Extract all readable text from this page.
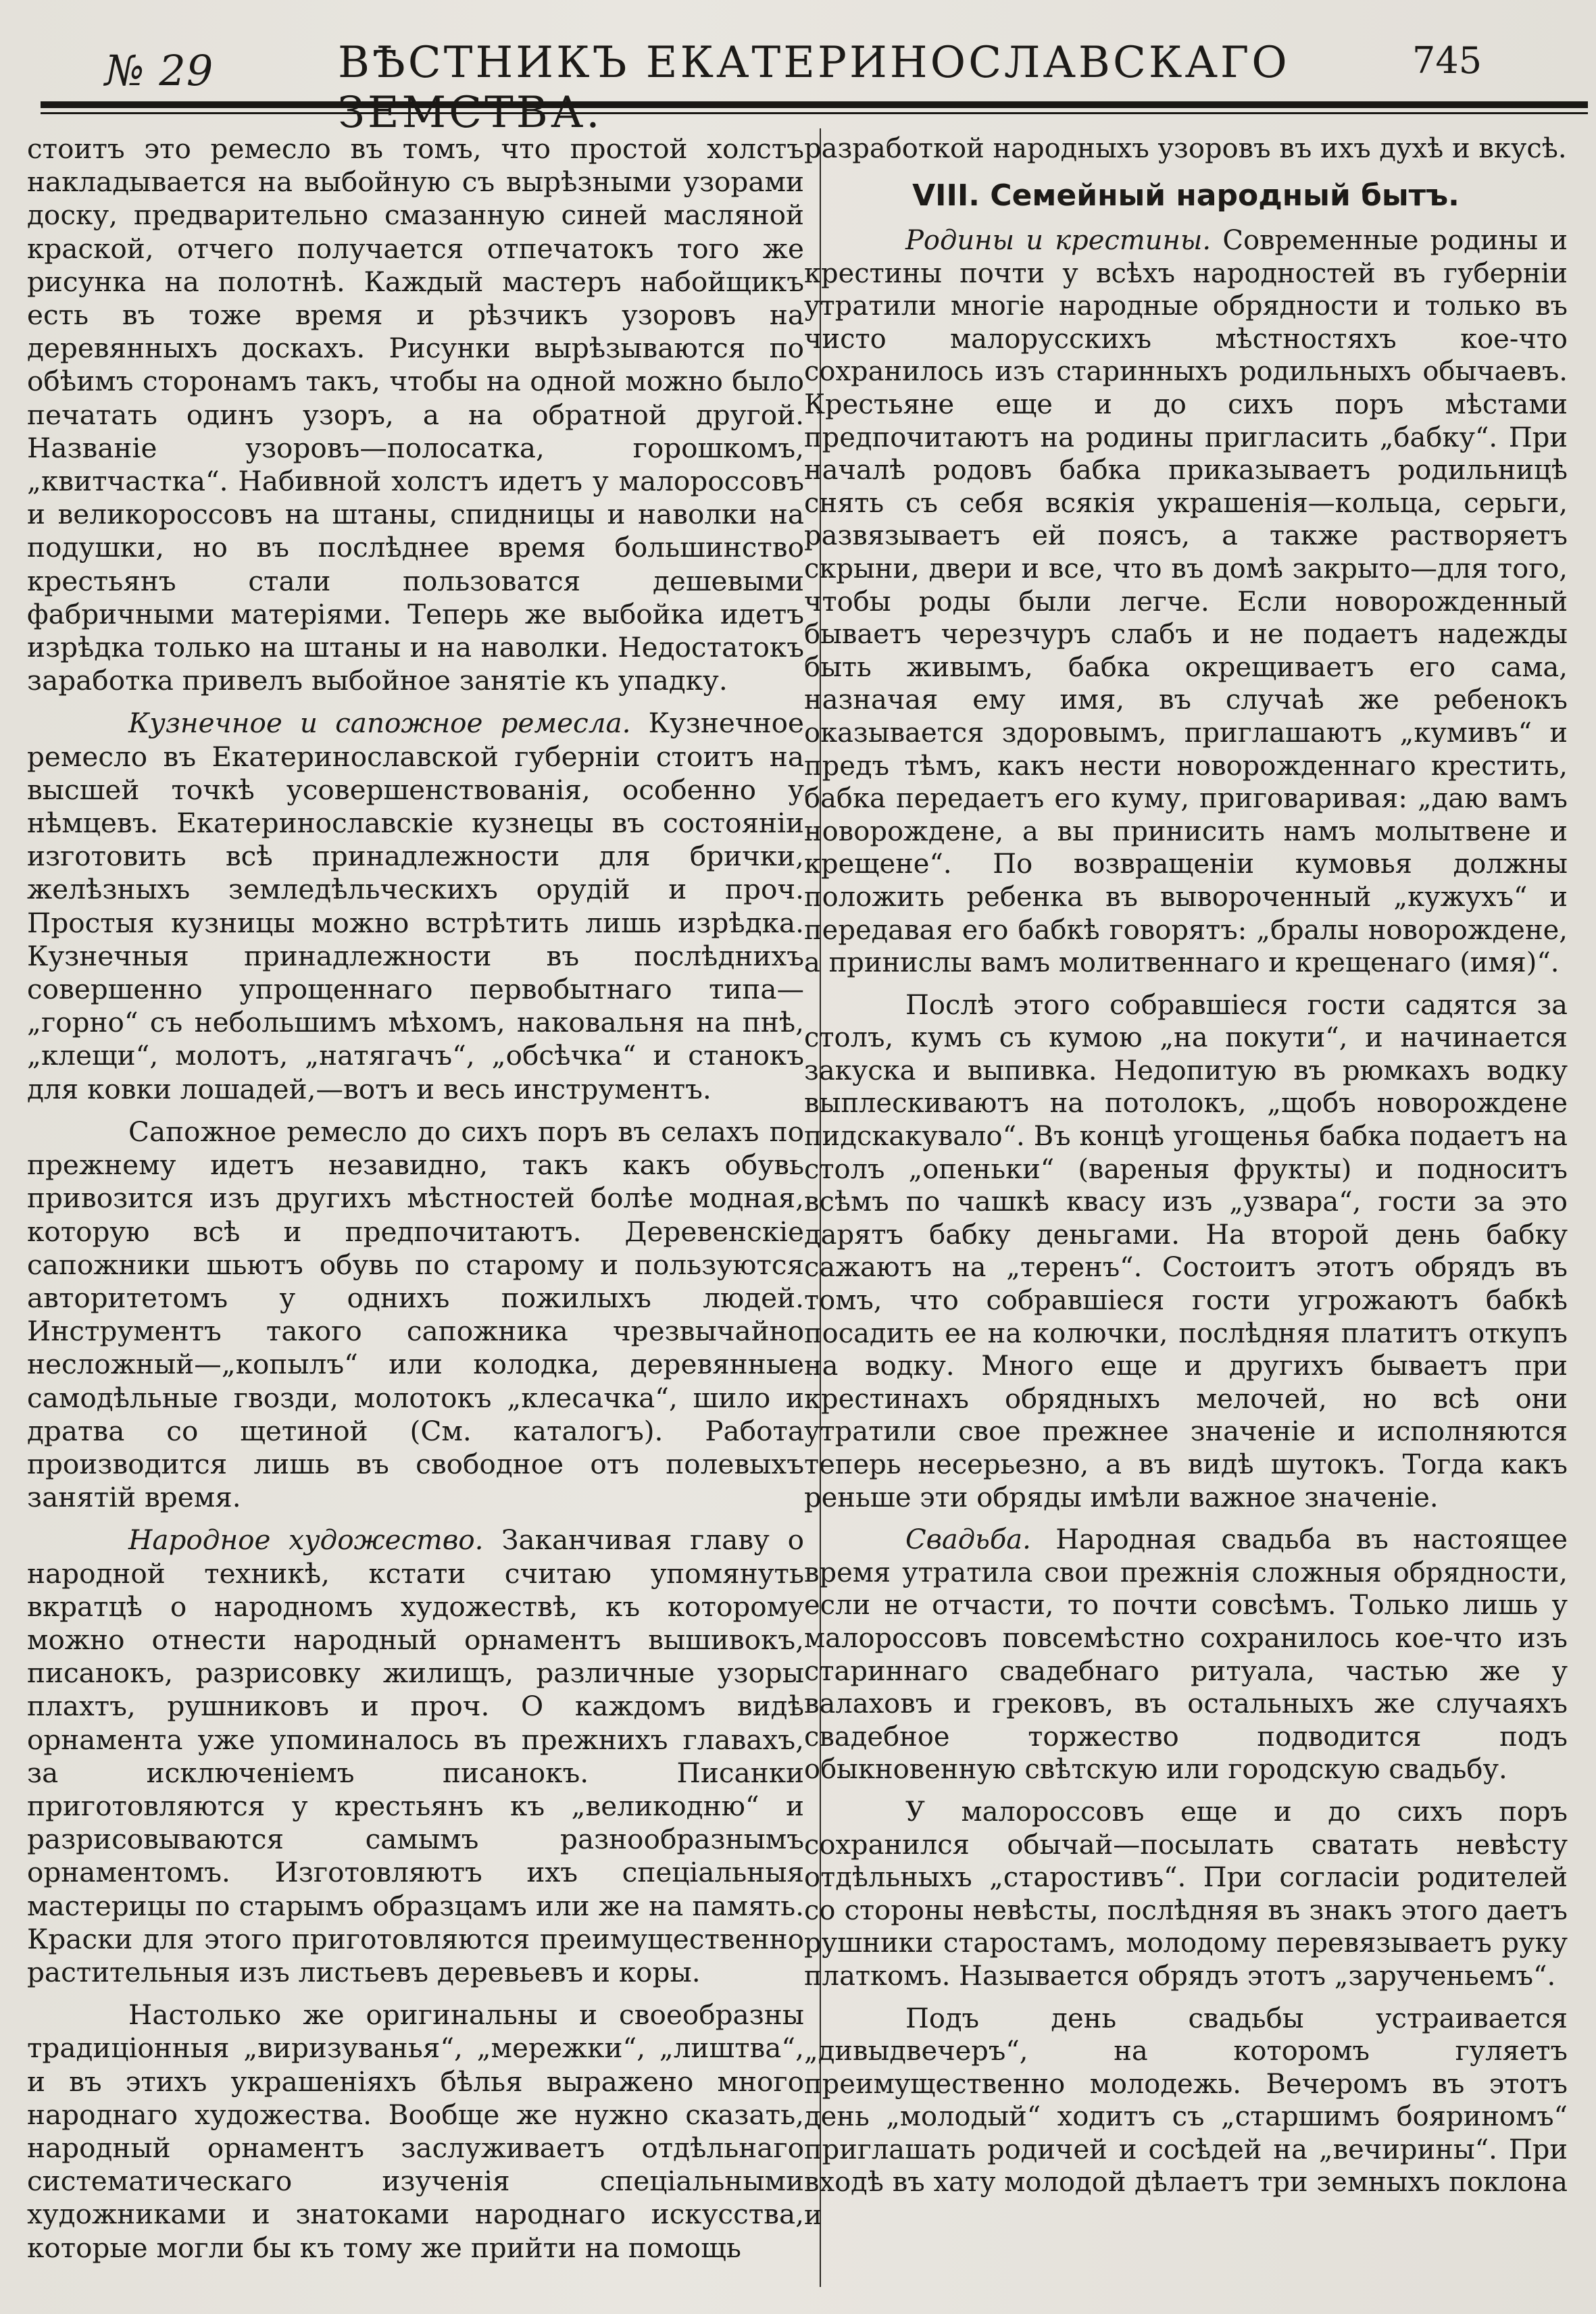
№ 29	ВѢСТНИКЪ ЕКАТЕРИНОСЛАВСКАГО	745

стоитъ это ремесло въ томъ, что простой холстъ накладывается на выбойную съ вырѣзными узорами доску, предварительно смазанную синей масляной краской, отчего получается отпечатокъ того же рисунка на полотнѣ. Каждый мастеръ набойщикъ есть въ тоже время и рѣзчикъ узоровъ на деревянныхъ доскахъ. Рисунки вырѣзываются по обѣимъ сторонамъ такъ, чтобы на одной можно было печатать одинъ узоръ, а на обратной другой. Названіе узоровъ—полосатка, горошкомъ, „квитчастка“. Набивной холстъ идетъ у малороссовъ и великороссовъ на штаны, спидницы и наволки на подушки, но въ послѣднее время большинство крестьянъ стали пользоватся дешевыми фабричными матеріями. Теперь же выбойка идетъ изрѣдка только на штаны и на наволки. Недостатокъ заработка привелъ выбойное занятіе къ упадку.

Кузнечное и сапожное ремесла. Кузнечное ремесло въ Екатеринославской губерніи стоитъ на высшей точкѣ усовершенствованія, особенно у нѣмцевъ. Екатеринославскіе кузнецы въ состояніи изготовить всѣ принадлежности для брички, желѣзныхъ земледѣльческихъ орудій и проч. Простыя кузницы можно встрѣтить лишь изрѣдка. Кузнечныя принадлежности въ послѣднихъ совершенно упрощеннаго первобытнаго типа—„горно“ съ небольшимъ мѣхомъ, наковальня на пнѣ, „клещи“, молотъ, „натягачъ“, „обсѣчка“ и станокъ для ковки лошадей,—вотъ и весь инструментъ.

Сапожное ремесло до сихъ поръ въ селахъ по прежнему идетъ незавидно, такъ какъ обувь привозится изъ другихъ мѣстностей болѣе модная, которую всѣ и предпочитаютъ. Деревенскіе сапожники шьютъ обувь по старому и пользуются авторитетомъ у однихъ пожилыхъ людей. Инструментъ такого сапожника чрезвычайно несложный—„копылъ“ или колодка, деревянные самодѣльные гвозди, молотокъ „клесачка“, шило и дратва со щетиной (См. каталогъ). Работа производится лишь въ свободное отъ полевыхъ занятій время.

Народное художество. Заканчивая главу о народной техникѣ, кстати считаю упомянуть вкратцѣ о народномъ художествѣ, къ которому можно отнести народный орнаментъ вышивокъ, писанокъ, разрисовку жилищъ, различные узоры плахтъ, рушниковъ и проч. О каждомъ видѣ орнамента уже упоминалось въ прежнихъ главахъ, за исключеніемъ писанокъ. Писанки приготовляются у крестьянъ къ „великодню“ и разрисовываются самымъ разнообразнымъ орнаментомъ. Изготовляютъ ихъ спеціальныя мастерицы по старымъ образцамъ или же на память. Краски для этого приготовляются преимущественно растительныя изъ листьевъ деревьевъ и коры.

Настолько же оригинальны и своеобразны традиціонныя „виризуванья“, „мережки“, „лиштва“, и въ этихъ украшеніяхъ бѣлья выражено много народнаго художества. Вообще же нужно сказать, народный орнаментъ заслуживаетъ отдѣльнаго систематическаго изученія спеціальными художниками и знатоками народнаго искусства, которые могли бы къ тому же прийти на помощь

разработкой народныхъ узоровъ въ ихъ духѣ и вкусѣ.

VIII. Семейный народный бытъ.

Родины и крестины. Современные родины и крестины почти у всѣхъ народностей въ губерніи утратили многіе народные обрядности и только въ чисто малорусскихъ мѣстностяхъ кое-что сохранилось изъ старинныхъ родильныхъ обычаевъ. Крестьяне еще и до сихъ поръ мѣстами предпочитаютъ на родины пригласить „бабку“. При началѣ родовъ бабка приказываетъ родильницѣ снять съ себя всякія украшенія—кольца, серьги, развязываетъ ей поясъ, а также растворяетъ скрыни, двери и все, что въ домѣ закрыто—для того, чтобы роды были легче. Если новорожденный бываетъ черезчуръ слабъ и не подаетъ надежды быть живымъ, бабка окрещиваетъ его сама, назначая ему имя, въ случаѣ же ребенокъ оказывается здоровымъ, приглашаютъ „кумивъ“ и предъ тѣмъ, какъ нести новорожденнаго крестить, бабка передаетъ его куму, приговаривая: „даю вамъ новорождене, а вы принисить намъ молытвене и крещене“. По возвращеніи кумовья должны положить ребенка въ вывороченный „кужухъ“ и передавая его бабкѣ говорятъ: „бралы новорождене, а принислы вамъ молитвеннаго и крещенаго (имя)“.

Послѣ этого собравшіеся гости садятся за столъ, кумъ съ кумою „на покути“, и начинается закуска и выпивка. Недопитую въ рюмкахъ водку выплескиваютъ на потолокъ, „щобъ новорождене пидскакувало“. Въ концѣ угощенья бабка подаетъ на столъ „опеньки“ (вареныя фрукты) и подноситъ всѣмъ по чашкѣ квасу изъ „узвара“, гости за это дарятъ бабку деньгами. На второй день бабку сажаютъ на „теренъ“. Состоитъ этотъ обрядъ въ томъ, что собравшіеся гости угрожаютъ бабкѣ посадить ее на колючки, послѣдняя платитъ откупъ на водку. Много еще и другихъ бываетъ при крестинахъ обрядныхъ мелочей, но всѣ они утратили свое прежнее значеніе и исполняются теперь несерьезно, а въ видѣ шутокъ. Тогда какъ реньше эти обряды имѣли важное значеніе.

Свадьба. Народная свадьба въ настоящее время утратила свои прежнія сложныя обрядности, если не отчасти, то почти совсѣмъ. Только лишь у малороссовъ повсемѣстно сохранилось кое-что изъ стариннаго свадебнаго ритуала, частью же у валаховъ и грековъ, въ остальныхъ же случаяхъ свадебное торжество подводится подъ обыкновенную свѣтскую или городскую свадьбу.

У малороссовъ еще и до сихъ поръ сохранился обычай—посылать сватать невѣсту отдѣльныхъ „старостивъ“. При согласіи родителей со стороны невѣсты, послѣдняя въ знакъ этого даетъ рушники старостамъ, молодому перевязываетъ руку платкомъ. Называется обрядъ этотъ „зарученьемъ“.

Подъ день свадьбы устраивается „дивыдвечеръ“, на которомъ гуляетъ преимущественно молодежь. Вечеромъ въ этотъ день „молодый“ ходитъ съ „старшимъ бояриномъ“ приглашать родичей и сосѣдей на „вечирины“. При входѣ въ хату молодой дѣлаетъ три земныхъ поклона и
